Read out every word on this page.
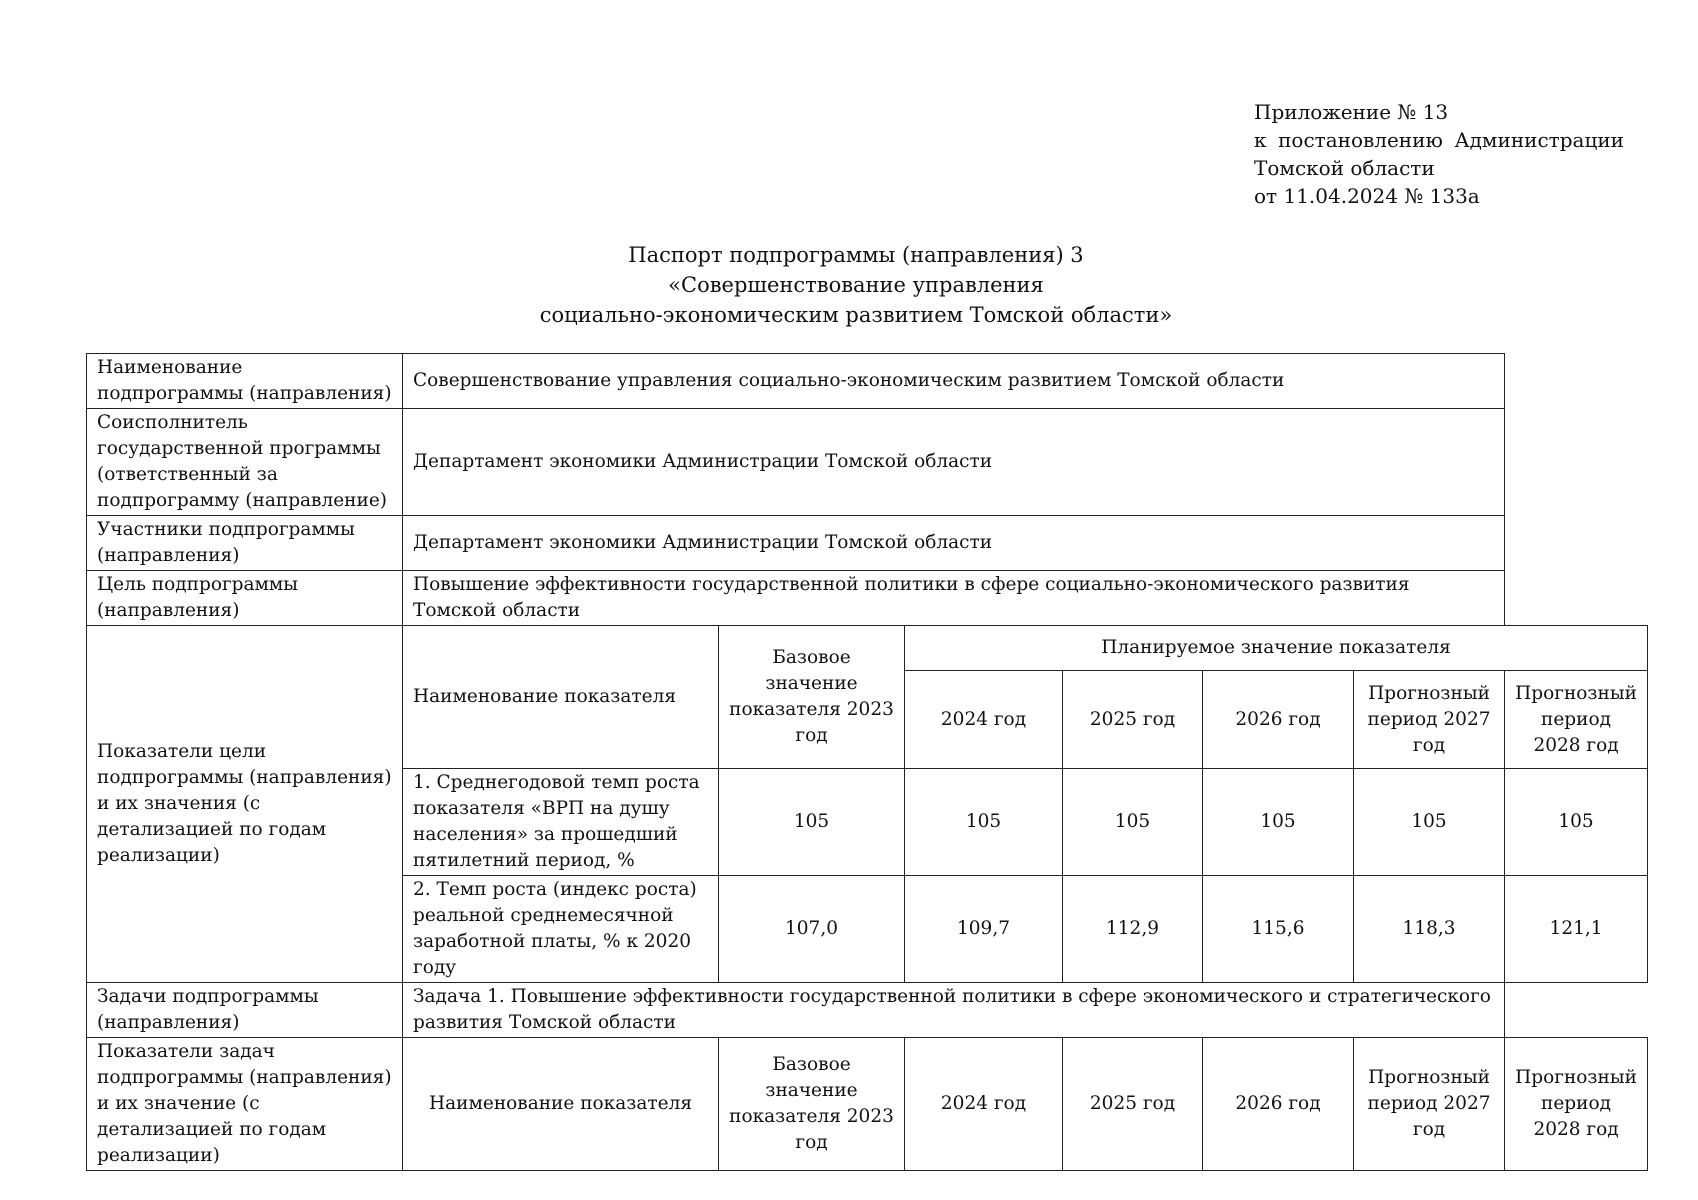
Приложение № 13
к постановлению Администрации
Томской области
от 11.04.2024 № 133а
Паспорт подпрограммы (направления) 3
«Совершенствование управления
социально-экономическим развитием Томской области»
Наименование подпрограммы (направления)	Совершенствование управления социально-экономическим развитием Томской области						
Соисполнитель государственной программы (ответственный за подпрограмму (направление)	Департамент экономики Администрации Томской области						
Участники подпрограммы (направления)	Департамент экономики Администрации Томской области						
Цель подпрограммы (направления)	Повышение эффективности государственной политики в сфере социально-экономического развития Томской области						
Показатели цели подпрограммы (направления) и их значения (с детализацией по годам реализации)	Наименование показателя	Базовое значение показателя 2023 год	Планируемое значение показателя				
			2024 год	2025 год	2026 год	Прогнозный период 2027 год	Прогнозный период 2028 год
	1. Среднегодовой темп роста показателя «ВРП на душу населения» за прошедший пятилетний период, %	105	105	105	105	105	105
	2. Темп роста (индекс роста) реальной среднемесячной заработной платы, % к 2020 году	107,0	109,7	112,9	115,6	118,3	121,1

Задачи подпрограммы (направления)	Задача 1. Повышение эффективности государственной политики в сфере экономического и стратегического развития Томской области						
Показатели задач подпрограммы (направления) и их значение (с детализацией по годам реализации)	Наименование показателя	Базовое значение показателя 2023 год	2024 год	2025 год	2026 год	Прогнозный период 2027 год	Прогнозный период 2028 год
